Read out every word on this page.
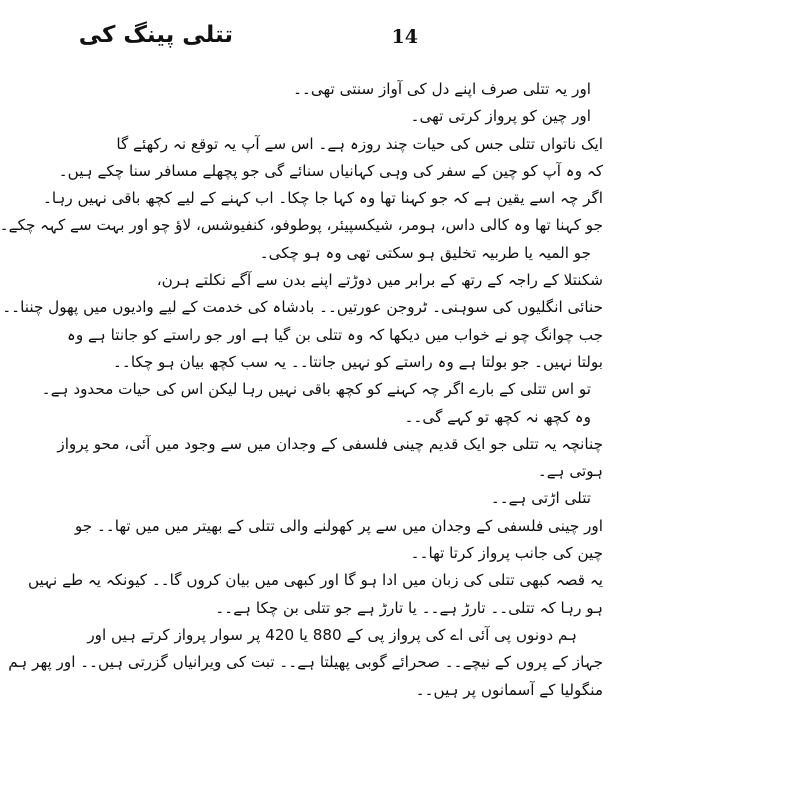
14
تتلی پینگ کی
اور یہ تتلی صرف اپنے دل کی آواز سنتی تھی۔۔
اور چین کو پرواز کرتی تھی۔
ایک ناتواں تتلی جس کی حیات چند روزہ ہے۔ اس سے آپ یہ توقع نہ رکھئے گا
کہ وہ آپ کو چین کے سفر کی وہی کہانیاں سنائے گی جو پچھلے مسافر سنا چکے ہیں۔
اگر چہ اسے یقین ہے کہ جو کہنا تھا وہ کہا جا چکا۔ اب کہنے کے لیے کچھ باقی نہیں رہا۔
جو کہنا تھا وہ کالی داس، ہومر، شیکسپیئر، پوطوفو، کنفیوشس، لاؤ چو اور بہت سے کہہ چکے۔
جو المیہ یا طربیہ تخلیق ہو سکتی تھی وہ ہو چکی۔
شکنتلا کے راجہ کے رتھ کے برابر میں دوڑتے اپنے بدن سے آگے نکلتے ہرن،
حنائی انگلیوں کی سوہنی۔ ٹروجن عورتیں۔۔ بادشاہ کی خدمت کے لیے وادیوں میں پھول چننا۔۔
جب چوانگ چو نے خواب میں دیکھا کہ وہ تتلی بن گیا ہے اور جو راستے کو جانتا ہے وہ
بولتا نہیں۔ جو بولتا ہے وہ راستے کو نہیں جانتا۔۔ یہ سب کچھ بیان ہو چکا۔۔
تو اس تتلی کے بارے اگر چہ کہنے کو کچھ باقی نہیں رہا لیکن اس کی حیات محدود ہے۔
وہ کچھ نہ کچھ تو کہے گی۔۔
چنانچہ یہ تتلی جو ایک قدیم چینی فلسفی کے وجدان میں سے وجود میں آئی، محو پرواز
ہوتی ہے۔
تتلی اڑتی ہے۔۔
اور چینی فلسفی کے وجدان میں سے پر کھولنے والی تتلی کے بھیتر میں میں تھا۔۔ جو
چین کی جانب پرواز کرتا تھا۔۔
یہ قصہ کبھی تتلی کی زبان میں ادا ہو گا اور کبھی میں بیان کروں گا۔۔ کیونکہ یہ طے نہیں
ہو رہا کہ تتلی۔۔ تارڑ ہے۔۔ یا تارڑ ہے جو تتلی بن چکا ہے۔۔
ہم دونوں پی آئی اے کی پرواز پی کے 880 یا 420 پر سوار پرواز کرتے ہیں اور
جہاز کے پروں کے نیچے۔۔ صحرائے گوبی پھیلتا ہے۔۔ تبت کی ویرانیاں گزرتی ہیں۔۔ اور پھر ہم
منگولیا کے آسمانوں پر ہیں۔۔
